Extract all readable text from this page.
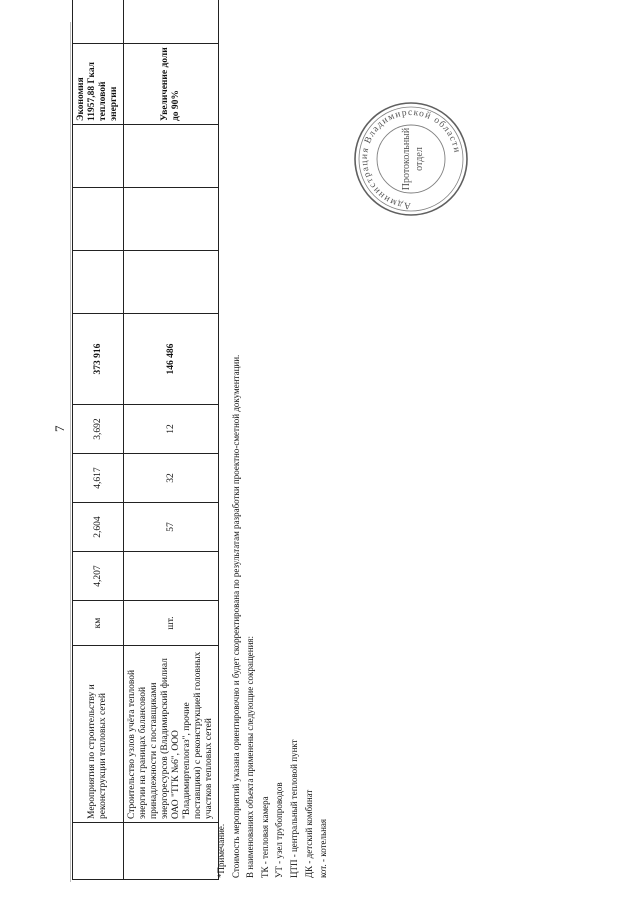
7
	Мероприятия по строительству и реконструкции тепловых сетей	км	4,207	2,604	4,617	3,692	373 916				Экономия 11957,88 Гкал тепловой энергии	
	Строительство узлов учёта тепловой энергии на границах балансовой принадлежности с поставщиками энергоресурсов (Владимирский филиал ОАО "ТГК №6", ООО "Владимиртеплогаз", прочие поставщики) с реконструкцией головных участков тепловых сетей	шт.		57	32	12	146 486				Увеличение доли до 90%	
*Примечание. Стоимость мероприятий указана ориентировочно и будет скорректирована по результатам разработки проектно-сметной документации. В наименованиях объекта применены следующие сокращения: ТК - тепловая камера УТ - узел трубопроводов ЦТП - центральный тепловой пункт ДК - детский комбинат кот. - котельная
Администрация Владимирской области
Протокольный отдел
